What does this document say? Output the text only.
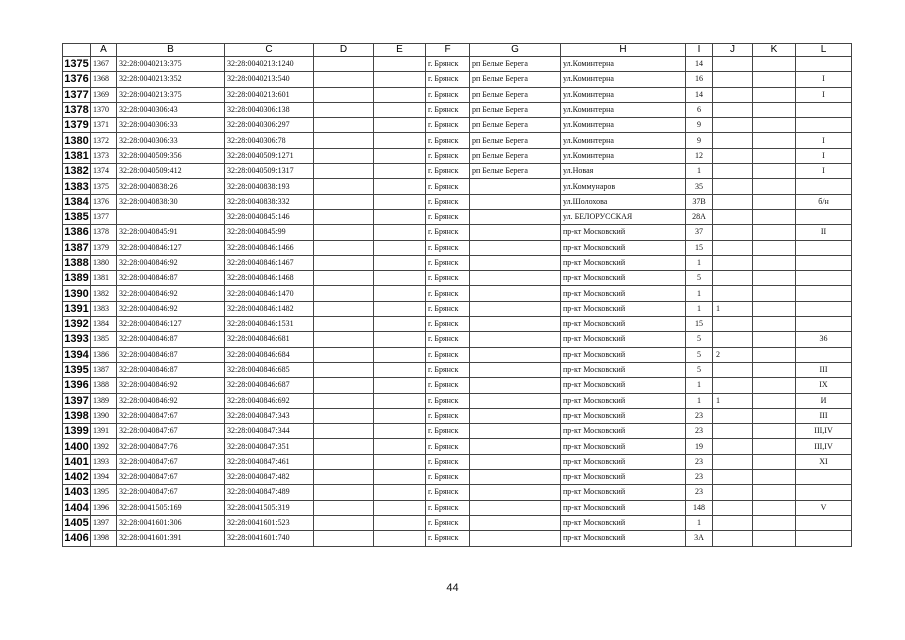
	A	B	C	D	E	F	G	H	I	J	K	L
1375	1367	32:28:0040213:375	32:28:0040213:1240			г. Брянск	рп Белые Берега	ул.Коминтерна	14			
1376	1368	32:28:0040213:352	32:28:0040213:540			г. Брянск	рп Белые Берега	ул.Коминтерна	16			I
1377	1369	32:28:0040213:375	32:28:0040213:601			г. Брянск	рп Белые Берега	ул.Коминтерна	14			I
1378	1370	32:28:0040306:43	32:28:0040306:138			г. Брянск	рп Белые Берега	ул.Коминтерна	6			
1379	1371	32:28:0040306:33	32:28:0040306:297			г. Брянск	рп Белые Берега	ул.Коминтерна	9			
1380	1372	32:28:0040306:33	32:28:0040306:78			г. Брянск	рп Белые Берега	ул.Коминтерна	9			I
1381	1373	32:28:0040509:356	32:28:0040509:1271			г. Брянск	рп Белые Берега	ул.Коминтерна	12			I
1382	1374	32:28:0040509:412	32:28:0040509:1317			г. Брянск	рп Белые Берега	ул.Новая	1			I
1383	1375	32:28:0040838:26	32:28:0040838:193			г. Брянск		ул.Коммунаров	35			
1384	1376	32:28:0040838:30	32:28:0040838:332			г. Брянск		ул.Шолохова	37В			б/н
1385	1377		32:28:0040845:146			г. Брянск		ул. БЕЛОРУССКАЯ	28А			
1386	1378	32:28:0040845:91	32:28:0040845:99			г. Брянск		пр-кт Московский	37			II
1387	1379	32:28:0040846:127	32:28:0040846:1466			г. Брянск		пр-кт Московский	15			
1388	1380	32:28:0040846:92	32:28:0040846:1467			г. Брянск		пр-кт Московский	1			
1389	1381	32:28:0040846:87	32:28:0040846:1468			г. Брянск		пр-кт Московский	5			
1390	1382	32:28:0040846:92	32:28:0040846:1470			г. Брянск		пр-кт Московский	1			
1391	1383	32:28:0040846:92	32:28:0040846:1482			г. Брянск		пр-кт Московский	1	1		
1392	1384	32:28:0040846:127	32:28:0040846:1531			г. Брянск		пр-кт Московский	15			
1393	1385	32:28:0040846:87	32:28:0040846:681			г. Брянск		пр-кт Московский	5			36
1394	1386	32:28:0040846:87	32:28:0040846:684			г. Брянск		пр-кт Московский	5	2		
1395	1387	32:28:0040846:87	32:28:0040846:685			г. Брянск		пр-кт Московский	5			III
1396	1388	32:28:0040846:92	32:28:0040846:687			г. Брянск		пр-кт Московский	1			IX
1397	1389	32:28:0040846:92	32:28:0040846:692			г. Брянск		пр-кт Московский	1	1		И
1398	1390	32:28:0040847:67	32:28:0040847:343			г. Брянск		пр-кт Московский	23			III
1399	1391	32:28:0040847:67	32:28:0040847:344			г. Брянск		пр-кт Московский	23			III,IV
1400	1392	32:28:0040847:76	32:28:0040847:351			г. Брянск		пр-кт Московский	19			III,IV
1401	1393	32:28:0040847:67	32:28:0040847:461			г. Брянск		пр-кт Московский	23			XI
1402	1394	32:28:0040847:67	32:28:0040847:482			г. Брянск		пр-кт Московский	23			
1403	1395	32:28:0040847:67	32:28:0040847:489			г. Брянск		пр-кт Московский	23			
1404	1396	32:28:0041505:169	32:28:0041505:319			г. Брянск		пр-кт Московский	148			V
1405	1397	32:28:0041601:306	32:28:0041601:523			г. Брянск		пр-кт Московский	1			
1406	1398	32:28:0041601:391	32:28:0041601:740			г. Брянск		пр-кт Московский	3А			
44
